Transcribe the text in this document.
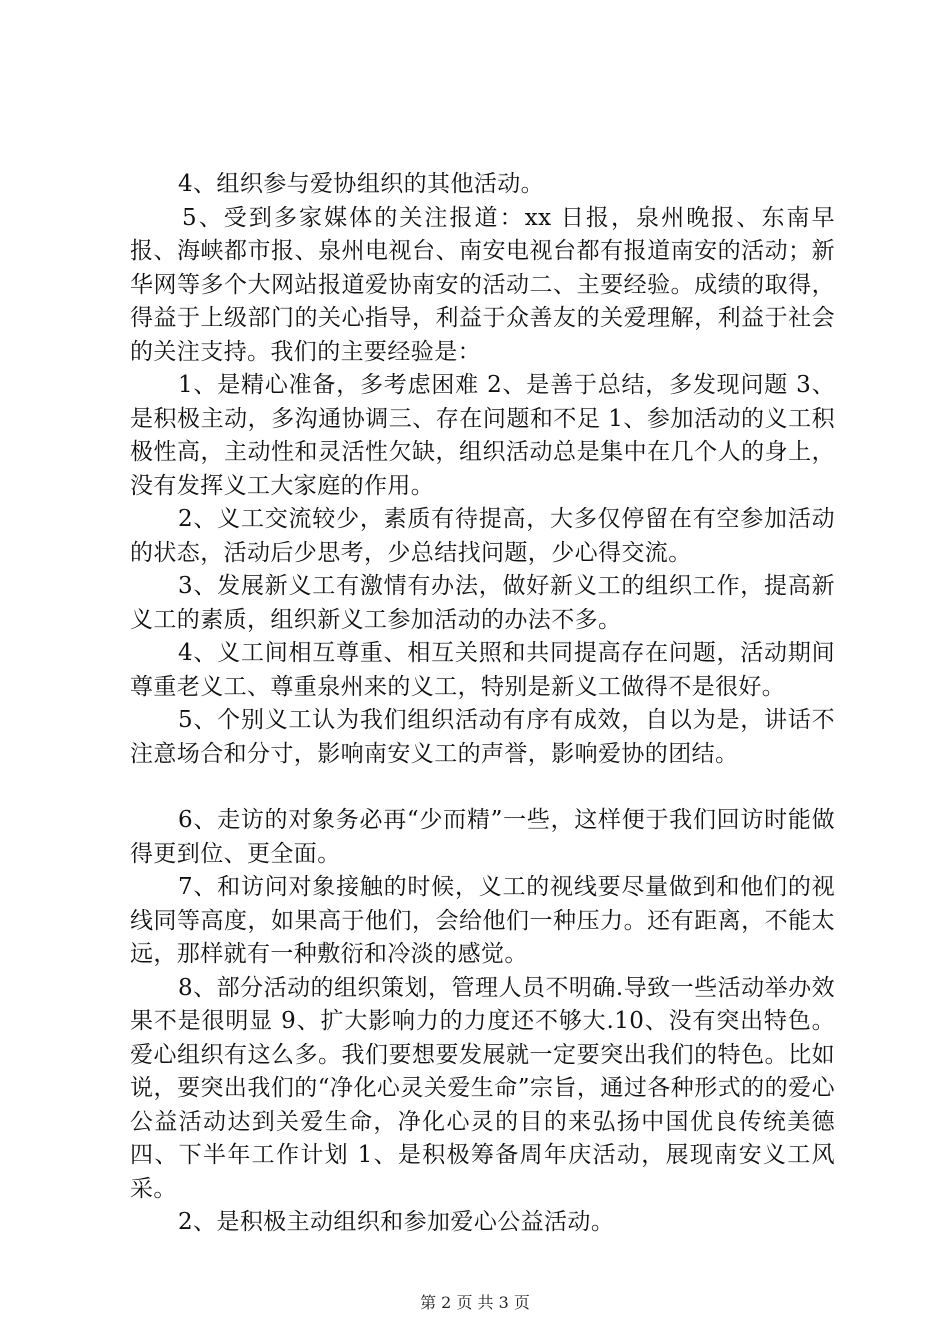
4、组织参与爱协组织的其他活动。

5、受到多家媒体的关注报道：xx 日报，泉州晚报、东南早报、海峡都市报、泉州电视台、南安电视台都有报道南安的活动；新华网等多个大网站报道爱协南安的活动二、主要经验。成绩的取得，得益于上级部门的关心指导，利益于众善友的关爱理解，利益于社会的关注支持。我们的主要经验是：

1、是精心准备，多考虑困难 2、是善于总结，多发现问题 3、是积极主动，多沟通协调三、存在问题和不足 1、参加活动的义工积极性高，主动性和灵活性欠缺，组织活动总是集中在几个人的身上，没有发挥义工大家庭的作用。

2、义工交流较少，素质有待提高，大多仅停留在有空参加活动的状态，活动后少思考，少总结找问题，少心得交流。

3、发展新义工有激情有办法，做好新义工的组织工作，提高新义工的素质，组织新义工参加活动的办法不多。

4、义工间相互尊重、相互关照和共同提高存在问题，活动期间尊重老义工、尊重泉州来的义工，特别是新义工做得不是很好。

5、个别义工认为我们组织活动有序有成效，自以为是，讲话不注意场合和分寸，影响南安义工的声誉，影响爱协的团结。

6、走访的对象务必再“少而精”一些，这样便于我们回访时能做得更到位、更全面。

7、和访问对象接触的时候，义工的视线要尽量做到和他们的视线同等高度，如果高于他们，会给他们一种压力。还有距离，不能太远，那样就有一种敷衍和冷淡的感觉。

8、部分活动的组织策划，管理人员不明确.导致一些活动举办效果不是很明显 9、扩大影响力的力度还不够大.10、没有突出特色。爱心组织有这么多。我们要想要发展就一定要突出我们的特色。比如说，要突出我们的“净化心灵关爱生命”宗旨，通过各种形式的的爱心公益活动达到关爱生命，净化心灵的目的来弘扬中国优良传统美德四、下半年工作计划 1、是积极筹备周年庆活动，展现南安义工风采。

2、是积极主动组织和参加爱心公益活动。

第 2 页 共 3 页
